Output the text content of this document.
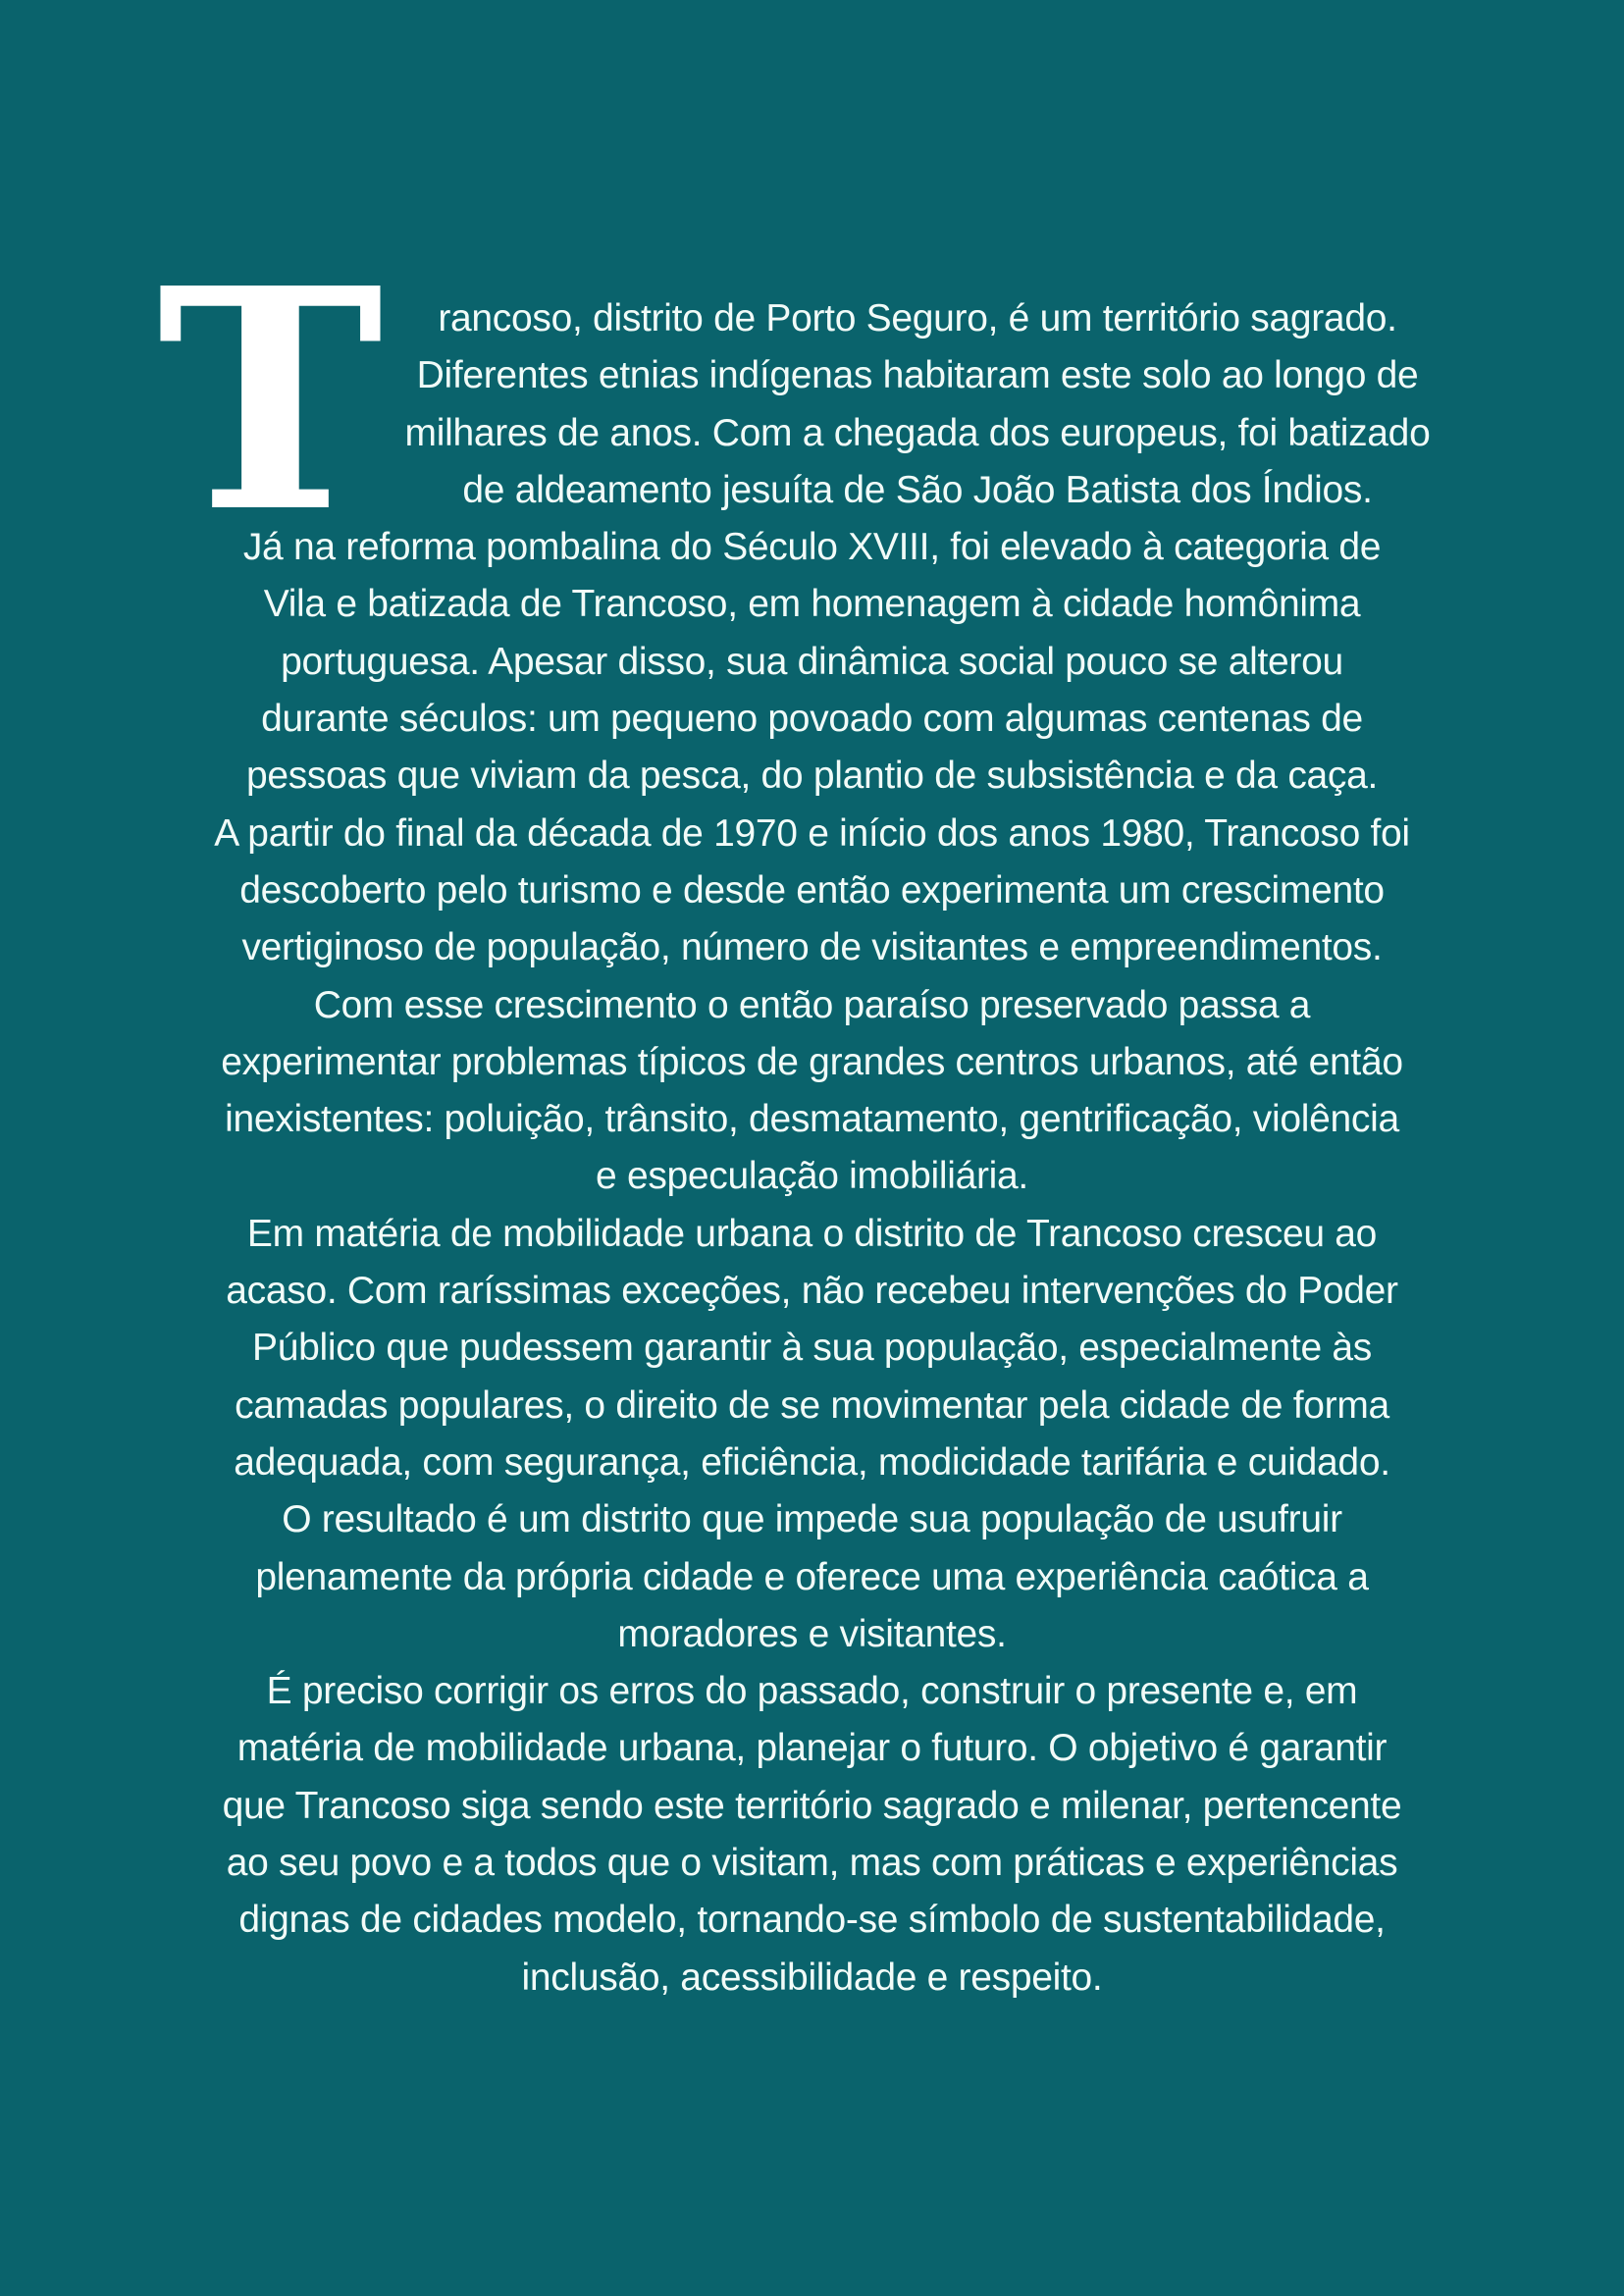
T	rancoso, distrito de Porto Seguro, é um território sagrado.
Diferentes etnias indígenas habitaram este solo ao longo de
milhares de anos. Com a chegada dos europeus, foi batizado
de aldeamento jesuíta de São João Batista dos Índios.
Já na reforma pombalina do Século XVIII, foi elevado à categoria de
Vila e batizada de Trancoso, em homenagem à cidade homônima
portuguesa. Apesar disso, sua dinâmica social pouco se alterou
durante séculos: um pequeno povoado com algumas centenas de
pessoas que viviam da pesca, do plantio de subsistência e da caça.
A partir do final da década de 1970 e início dos anos 1980, Trancoso foi
descoberto pelo turismo e desde então experimenta um crescimento
vertiginoso de população, número de visitantes e empreendimentos.
Com esse crescimento o então paraíso preservado passa a
experimentar problemas típicos de grandes centros urbanos, até então
inexistentes: poluição, trânsito, desmatamento, gentrificação, violência
e especulação imobiliária.
Em matéria de mobilidade urbana o distrito de Trancoso cresceu ao
acaso. Com raríssimas exceções, não recebeu intervenções do Poder
Público que pudessem garantir à sua população, especialmente às
camadas populares, o direito de se movimentar pela cidade de forma
adequada, com segurança, eficiência, modicidade tarifária e cuidado.
O resultado é um distrito que impede sua população de usufruir
plenamente da própria cidade e oferece uma experiência caótica a
moradores e visitantes.
É preciso corrigir os erros do passado, construir o presente e, em
matéria de mobilidade urbana, planejar o futuro. O objetivo é garantir
que Trancoso siga sendo este território sagrado e milenar, pertencente
ao seu povo e a todos que o visitam, mas com práticas e experiências
dignas de cidades modelo, tornando-se símbolo de sustentabilidade,
inclusão, acessibilidade e respeito.
